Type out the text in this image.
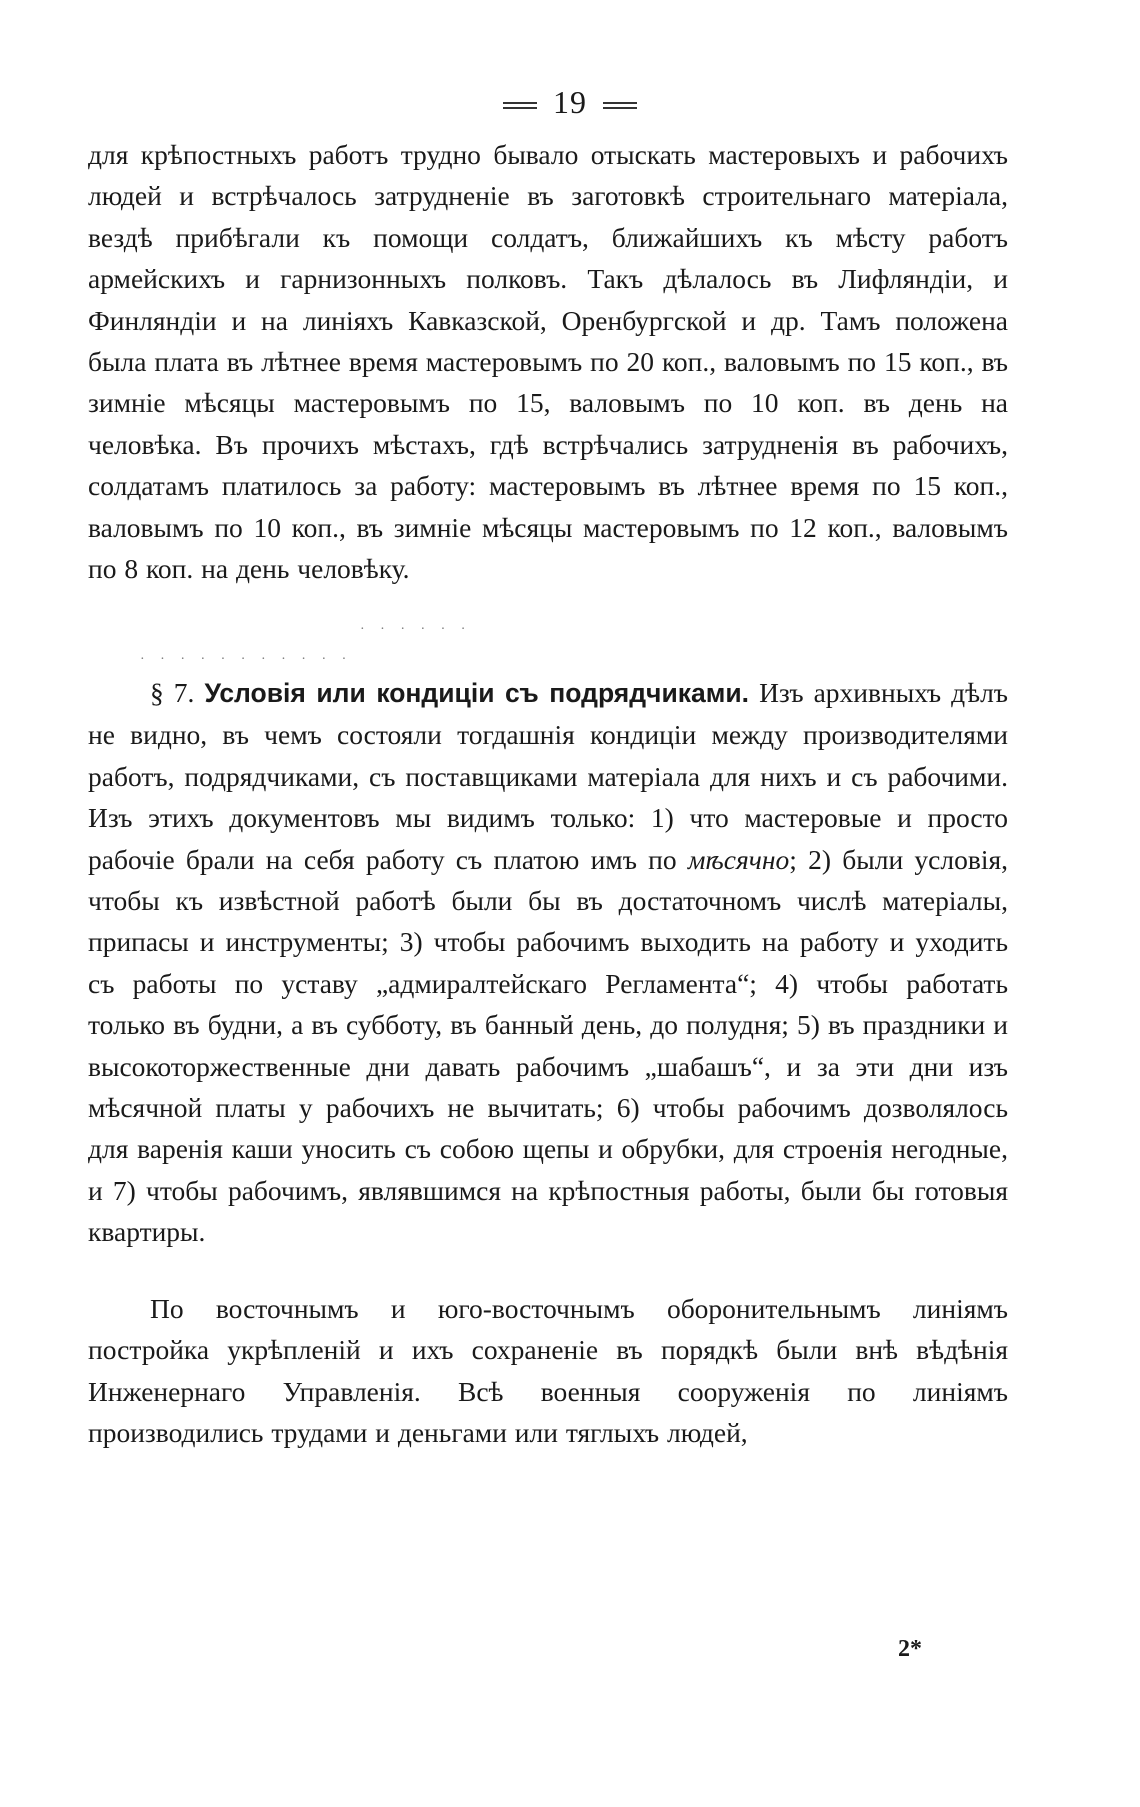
19

для крѣпостныхъ работъ трудно бывало отыскать мастеровыхъ и рабочихъ людей и встрѣчалось затрудненіе въ заготовкѣ строительнаго матеріала, вездѣ прибѣгали къ помощи солдатъ, ближайшихъ къ мѣсту работъ армейскихъ и гарнизонныхъ полковъ. Такъ дѣлалось въ Лифляндіи, и Финляндіи и на линіяхъ Кавказской, Оренбургской и др. Тамъ положена была плата въ лѣтнее время мастеровымъ по 20 коп., валовымъ по 15 коп., въ зимніе мѣсяцы мастеровымъ по 15, валовымъ по 10 коп. въ день на человѣка. Въ прочихъ мѣстахъ, гдѣ встрѣчались затрудненія въ рабочихъ, солдатамъ платилось за работу: мастеровымъ въ лѣтнее время по 15 коп., валовымъ по 10 коп., въ зимніе мѣсяцы мастеровымъ по 12 коп., валовымъ по 8 коп. на день человѣку.

· · · · · ·
· · · · · · · · · · ·

§ 7. Условія или кондиціи съ подрядчиками. Изъ архивныхъ дѣлъ не видно, въ чемъ состояли тогдашнія кондиціи между производителями работъ, подрядчиками, съ поставщиками матеріала для нихъ и съ рабочими. Изъ этихъ документовъ мы видимъ только: 1) что мастеровые и просто рабочіе брали на себя работу съ платою имъ по мѣсячно; 2) были условія, чтобы къ извѣстной работѣ были бы въ достаточномъ числѣ матеріалы, припасы и инструменты; 3) чтобы рабочимъ выходить на работу и уходить съ работы по уставу „адмиралтейскаго Регламента“; 4) чтобы работать только въ будни, а въ субботу, въ банный день, до полудня; 5) въ праздники и высокоторжественные дни давать рабочимъ „шабашъ“, и за эти дни изъ мѣсячной платы у рабочихъ не вычитать; 6) чтобы рабочимъ дозволялось для варенія каши уносить съ собою щепы и обрубки, для строенія негодные, и 7) чтобы рабочимъ, являвшимся на крѣпостныя работы, были бы готовыя квартиры.

По восточнымъ и юго-восточнымъ оборонительнымъ линіямъ постройка укрѣпленій и ихъ сохраненіе въ порядкѣ были внѣ вѣдѣнія Инженернаго Управленія. Всѣ военныя сооруженія по линіямъ производились трудами и деньгами или тяглыхъ людей,

2*
